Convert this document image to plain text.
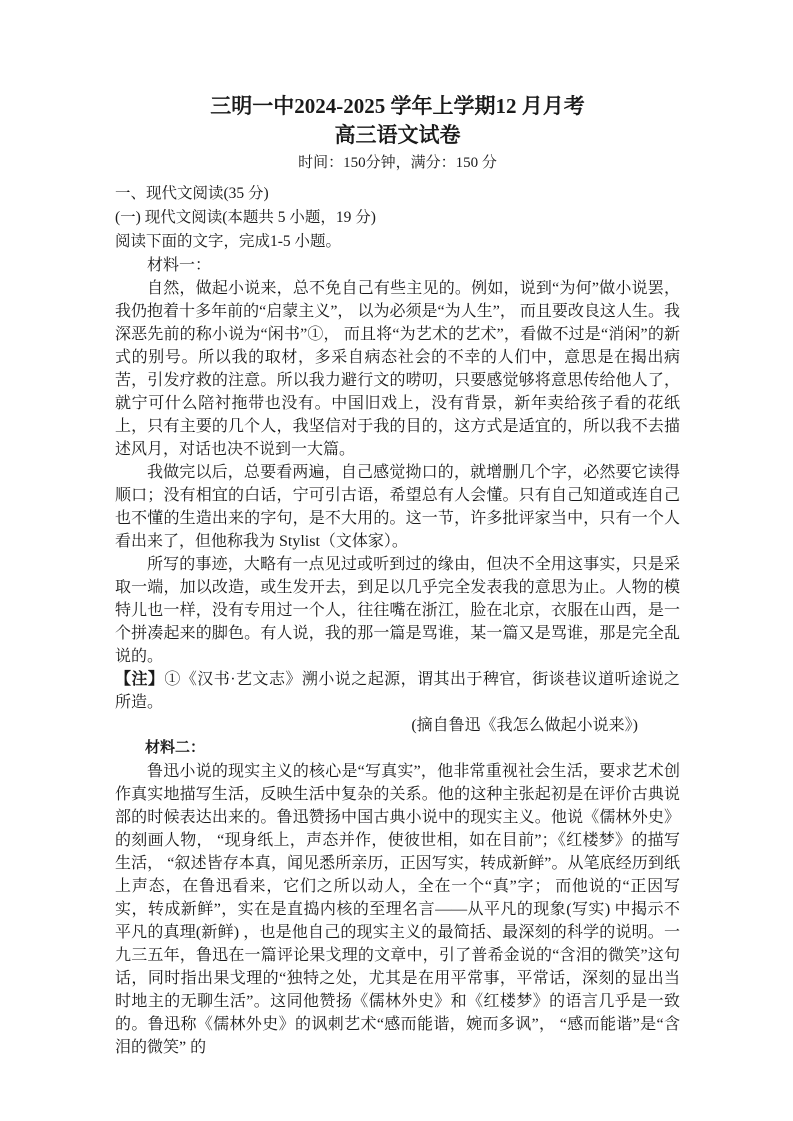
三明一中2024-2025 学年上学期12 月月考
高三语文试卷
时间：150分钟，满分：150 分
一、现代文阅读(35 分)
(一) 现代文阅读(本题共 5 小题，19 分)
阅读下面的文字，完成1-5 小题。

材料一：

自然，做起小说来，总不免自己有些主见的。例如，说到“为何”做小说罢，我仍抱着十多年前的“启蒙主义”， 以为必须是“为人生”， 而且要改良这人生。我深恶先前的称小说为“闲书”①， 而且将“为艺术的艺术”，看做不过是“消闲”的新式的别号。所以我的取材，多采自病态社会的不幸的人们中，意思是在揭出病苦，引发疗救的注意。所以我力避行文的唠叨，只要感觉够将意思传给他人了，就宁可什么陪衬拖带也没有。中国旧戏上，没有背景，新年卖给孩子看的花纸上，只有主要的几个人，我坚信对于我的目的，这方式是适宜的，所以我不去描述风月，对话也决不说到一大篇。

我做完以后，总要看两遍，自己感觉拗口的，就增删几个字，必然要它读得顺口；没有相宜的白话，宁可引古语，希望总有人会懂。只有自己知道或连自己也不懂的生造出来的字句，是不大用的。这一节，许多批评家当中，只有一个人看出来了，但他称我为 Stylist（文体家）。

所写的事迹，大略有一点见过或听到过的缘由，但决不全用这事实，只是采取一端，加以改造，或生发开去，到足以几乎完全发表我的意思为止。人物的模特儿也一样，没有专用过一个人，往往嘴在浙江，脸在北京，衣服在山西，是一个拼凑起来的脚色。有人说，我的那一篇是骂谁，某一篇又是骂谁，那是完全乱说的。

【注】①《汉书·艺文志》溯小说之起源，谓其出于稗官，街谈巷议道听途说之所造。

(摘自鲁迅《我怎么做起小说来》)

材料二：

鲁迅小说的现实主义的核心是“写真实”，他非常重视社会生活，要求艺术创作真实地描写生活，反映生活中复杂的关系。他的这种主张起初是在评价古典说部的时候表达出来的。鲁迅赞扬中国古典小说中的现实主义。他说《儒林外史》的刻画人物， “现身纸上，声态并作，使彼世相，如在目前”；《红楼梦》的描写生活， “叙述皆存本真，闻见悉所亲历，正因写实，转成新鲜”。从笔底经历到纸上声态，在鲁迅看来，它们之所以动人，全在一个“真”字； 而他说的“正因写实，转成新鲜”，实在是直捣内核的至理名言——从平凡的现象(写实) 中揭示不平凡的真理(新鲜) ，也是他自己的现实主义的最简括、最深刻的科学的说明。一九三五年，鲁迅在一篇评论果戈理的文章中，引了普希金说的“含泪的微笑”这句话，同时指出果戈理的“独特之处，尤其是在用平常事，平常话，深刻的显出当时地主的无聊生活”。这同他赞扬《儒林外史》和《红楼梦》的语言几乎是一致的。鲁迅称《儒林外史》的讽刺艺术“感而能谐，婉而多讽”， “感而能谐”是“含泪的微笑” 的
